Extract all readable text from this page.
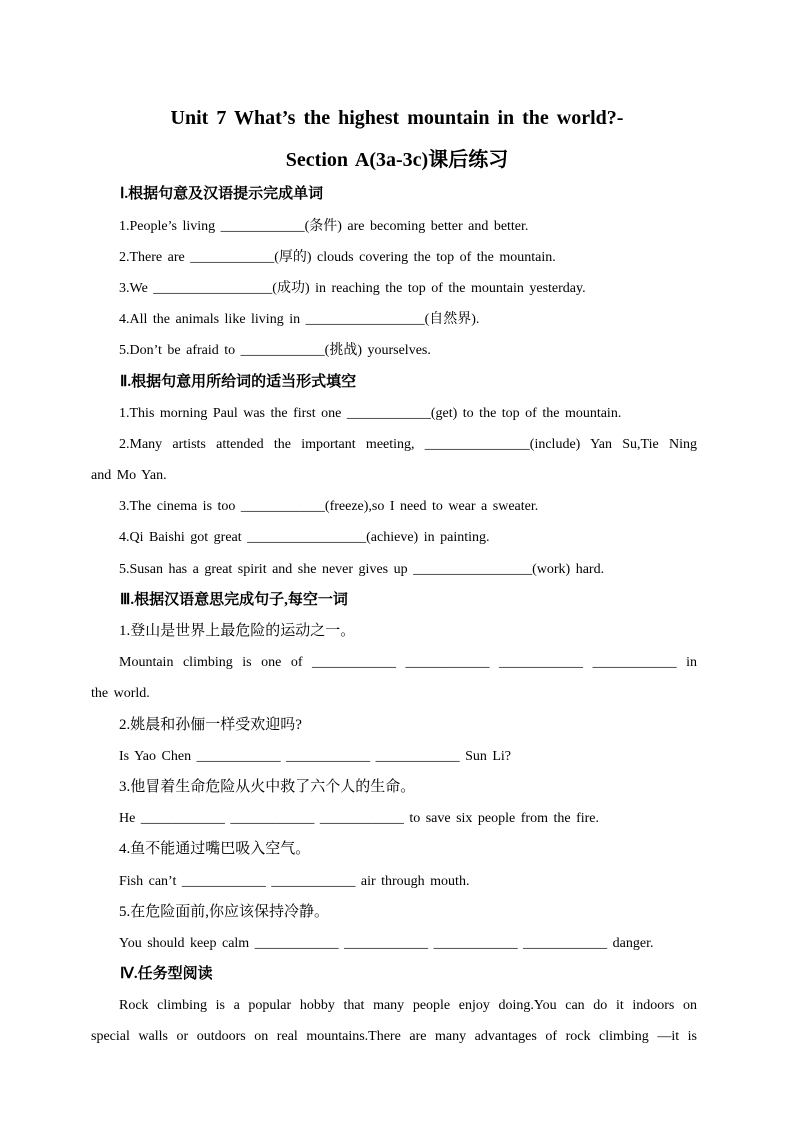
Unit 7 What’s the highest mountain in the world?-
Section A(3a-3c)课后练习
Ⅰ.根据句意及汉语提示完成单词
1.People’s living ____________(条件) are becoming better and better.
2.There are ____________(厚的) clouds covering the top of the mountain.
3.We _________________(成功) in reaching the top of the mountain yesterday.
4.All the animals like living in _________________(自然界).
5.Don’t be afraid to ____________(挑战) yourselves.
Ⅱ.根据句意用所给词的适当形式填空
1.This morning Paul was the first one ____________(get) to the top of the mountain.
2.Many artists attended the important meeting, _______________(include) Yan Su,Tie Ning
and Mo Yan.
3.The cinema is too ____________(freeze),so I need to wear a sweater.
4.Qi Baishi got great _________________(achieve) in painting.
5.Susan has a great spirit and she never gives up _________________(work) hard.
Ⅲ.根据汉语意思完成句子,每空一词
1.登山是世界上最危险的运动之一。
Mountain climbing is one of ____________ ____________ ____________ ____________ in
the world.
2.姚晨和孙俪一样受欢迎吗?
Is Yao Chen ____________ ____________ ____________ Sun Li?
3.他冒着生命危险从火中救了六个人的生命。
He ____________ ____________ ____________ to save six people from the fire.
4.鱼不能通过嘴巴吸入空气。
Fish can’t ____________ ____________ air through mouth.
5.在危险面前,你应该保持冷静。
You should keep calm ____________ ____________ ____________ ____________ danger.
Ⅳ.任务型阅读
Rock climbing is a popular hobby that many people enjoy doing.You can do it indoors on
special walls or outdoors on real mountains.There are many advantages of rock climbing —it is
